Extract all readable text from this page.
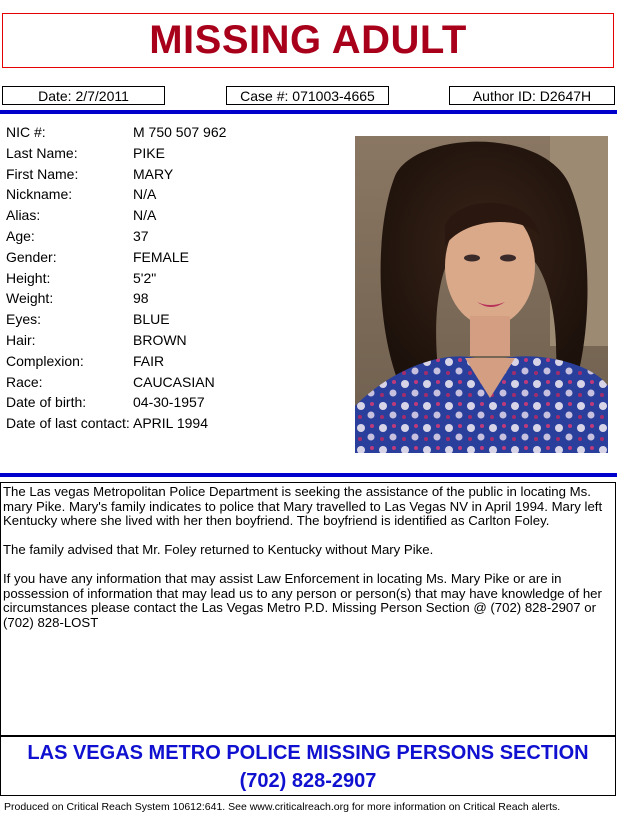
MISSING ADULT
Date: 2/7/2011	Case #: 071003-4665	Author ID: D2647H
NIC #:	M 750 507 962
Last Name:	PIKE
First Name:	MARY
Nickname:	N/A
Alias:	N/A
Age:	37
Gender:	FEMALE
Height:	5'2"
Weight:	98
Eyes:	BLUE
Hair:	BROWN
Complexion:	FAIR
Race:	CAUCASIAN
Date of birth:	04-30-1957
Date of last contact: APRIL 1994

The Las vegas Metropolitan Police Department is seeking the assistance of the public in locating Ms. mary Pike. Mary's family indicates to police that Mary travelled to Las Vegas NV in April 1994. Mary left Kentucky where she lived with her then boyfriend. The boyfriend is identified as Carlton Foley.

The family advised that Mr. Foley returned to Kentucky without Mary Pike.

If you have any information that may assist Law Enforcement in locating Ms. Mary Pike or are in possession of information that may lead us to any person or person(s) that may have knowledge of her circumstances please contact the Las Vegas Metro P.D. Missing Person Section @ (702) 828-2907 or (702) 828-LOST

LAS VEGAS METRO POLICE MISSING PERSONS SECTION
(702) 828-2907
Produced on Critical Reach System 10612:641. See www.criticalreach.org for more information on Critical Reach alerts.
